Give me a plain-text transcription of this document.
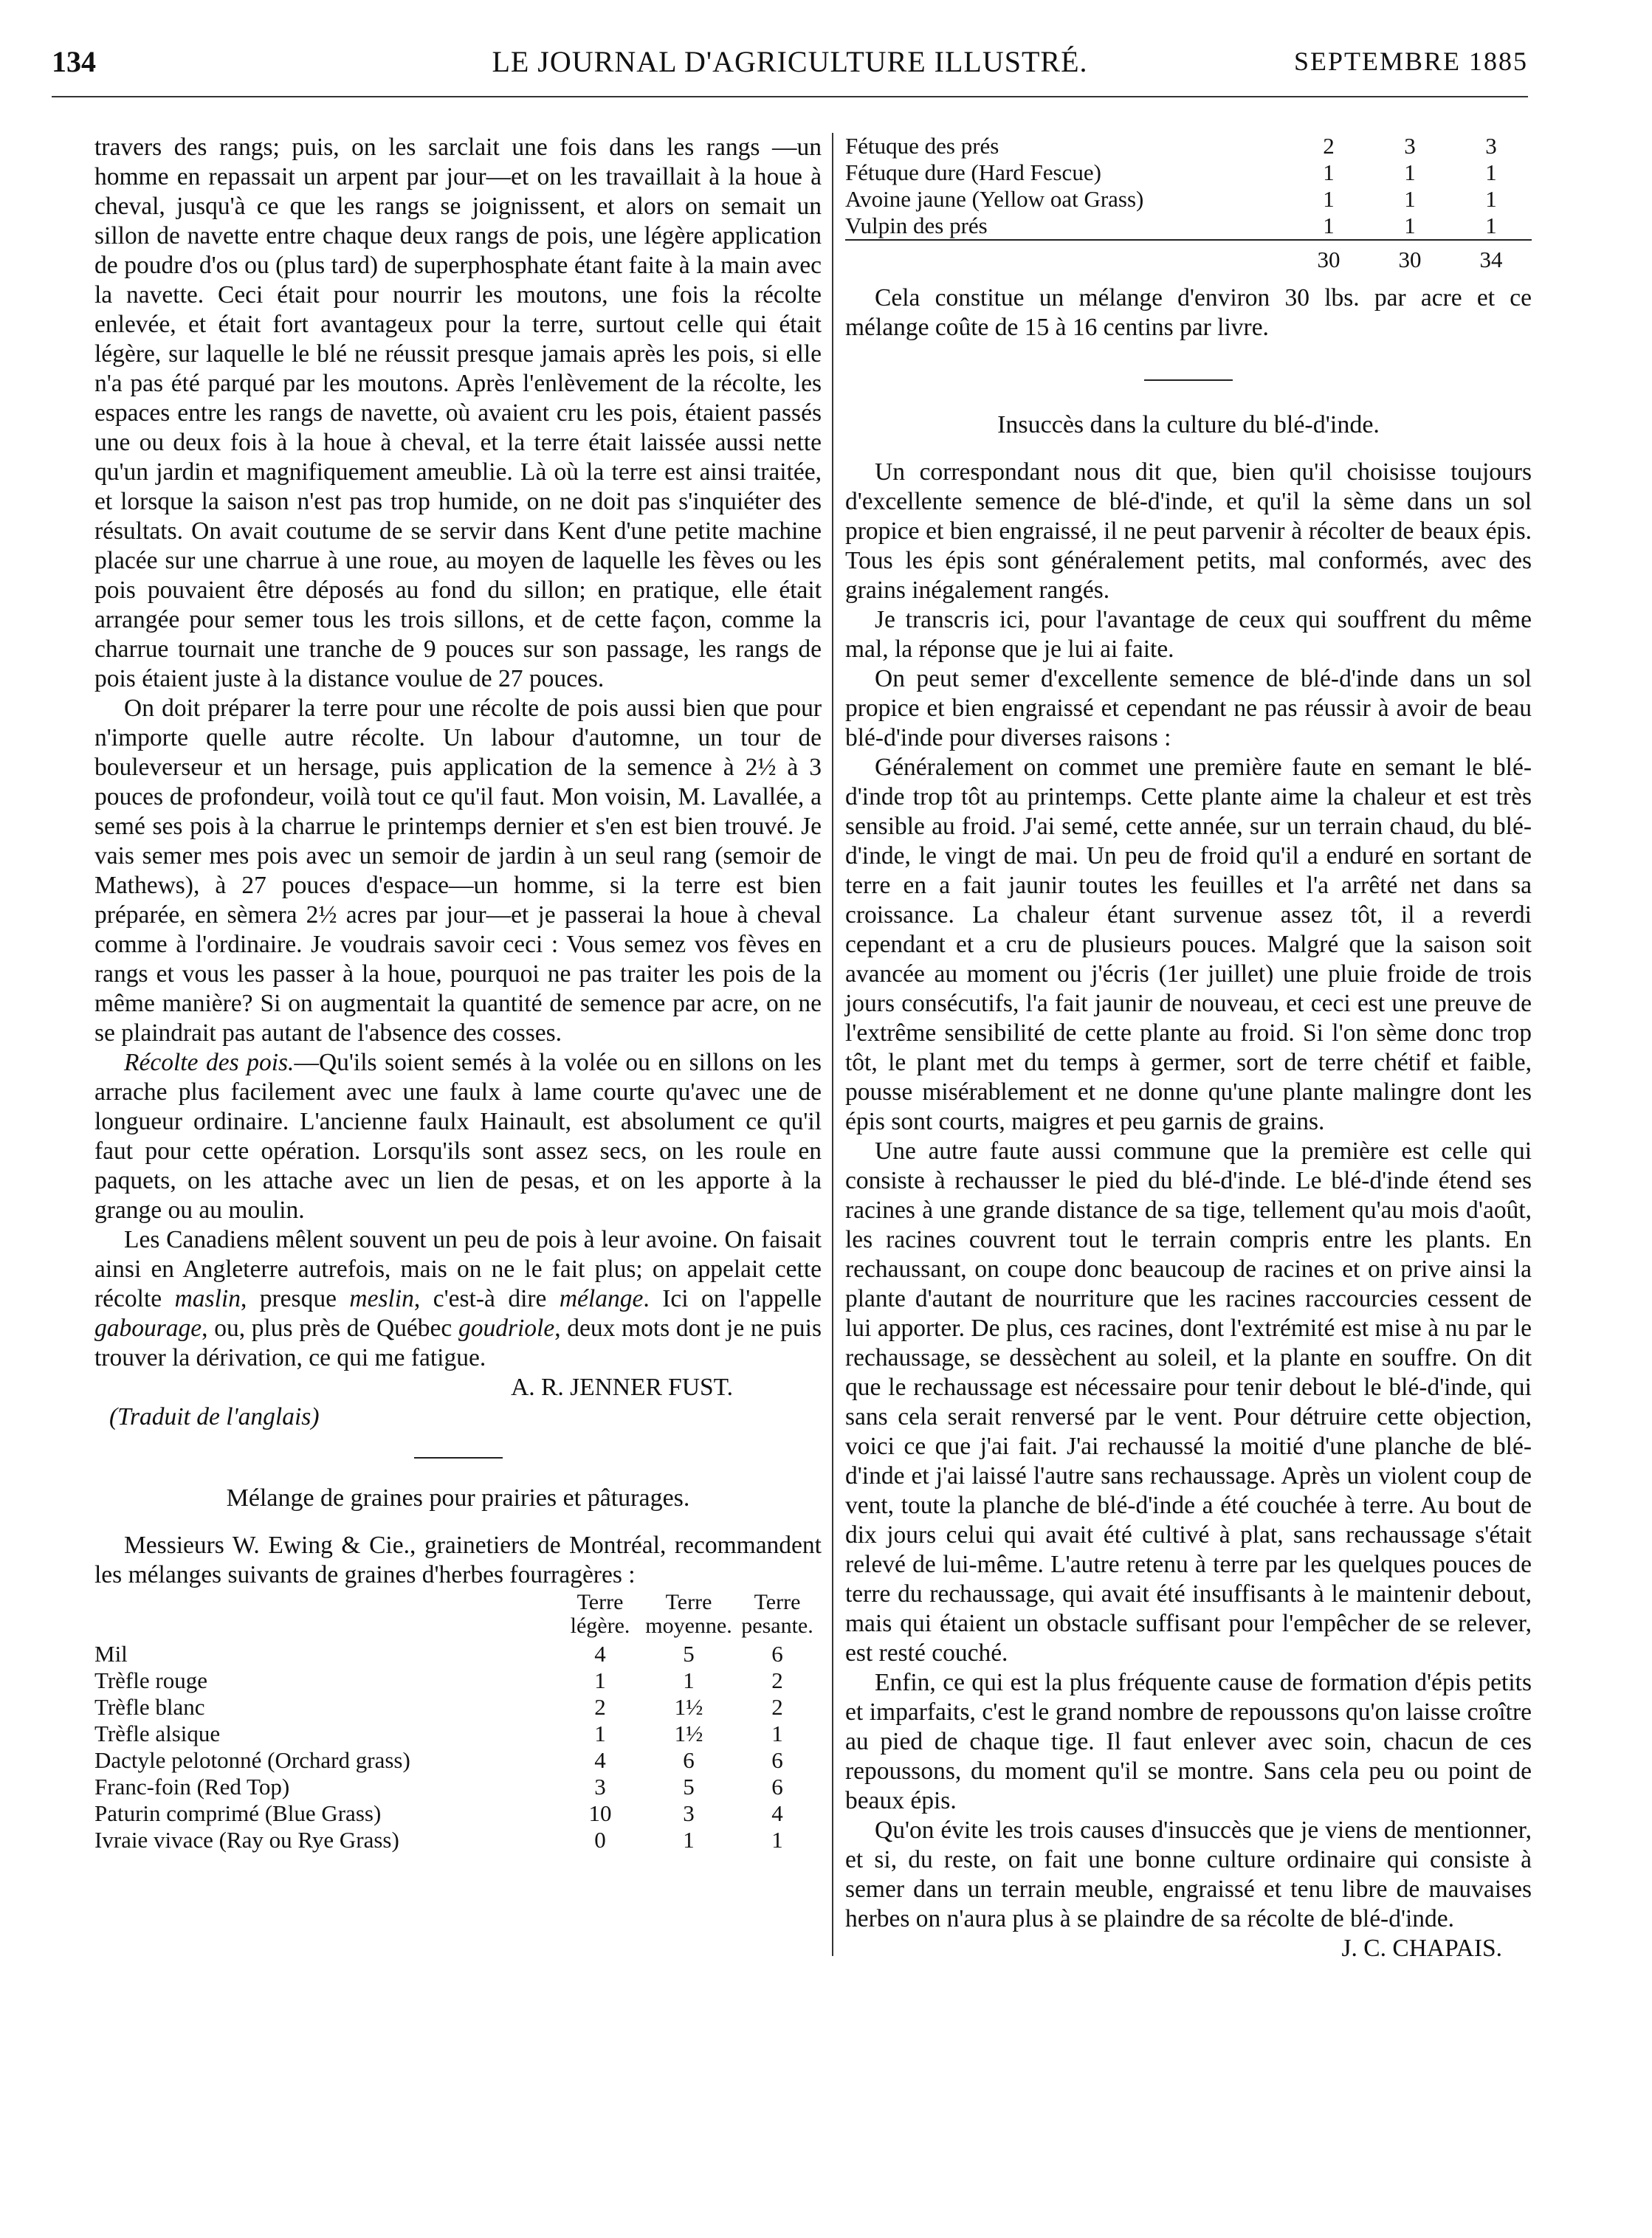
134	LE JOURNAL D'AGRICULTURE ILLUSTRÉ.	SEPTEMBRE 1885

travers des rangs; puis, on les sarclait une fois dans les rangs —un homme en repassait un arpent par jour—et on les travaillait à la houe à cheval, jusqu'à ce que les rangs se joignissent, et alors on semait un sillon de navette entre chaque deux rangs de pois, une légère application de poudre d'os ou (plus tard) de superphosphate étant faite à la main avec la navette. Ceci était pour nourrir les moutons, une fois la récolte enlevée, et était fort avantageux pour la terre, surtout celle qui était légère, sur laquelle le blé ne réussit presque jamais après les pois, si elle n'a pas été parqué par les moutons. Après l'enlèvement de la récolte, les espaces entre les rangs de navette, où avaient cru les pois, étaient passés une ou deux fois à la houe à cheval, et la terre était laissée aussi nette qu'un jardin et magnifiquement ameublie. Là où la terre est ainsi traitée, et lorsque la saison n'est pas trop humide, on ne doit pas s'inquiéter des résultats. On avait coutume de se servir dans Kent d'une petite machine placée sur une charrue à une roue, au moyen de laquelle les fèves ou les pois pouvaient être déposés au fond du sillon; en pratique, elle était arrangée pour semer tous les trois sillons, et de cette façon, comme la charrue tournait une tranche de 9 pouces sur son passage, les rangs de pois étaient juste à la distance voulue de 27 pouces.

On doit préparer la terre pour une récolte de pois aussi bien que pour n'importe quelle autre récolte. Un labour d'automne, un tour de bouleverseur et un hersage, puis application de la semence à 2½ à 3 pouces de profondeur, voilà tout ce qu'il faut. Mon voisin, M. Lavallée, a semé ses pois à la charrue le printemps dernier et s'en est bien trouvé. Je vais semer mes pois avec un semoir de jardin à un seul rang (semoir de Mathews), à 27 pouces d'espace—un homme, si la terre est bien préparée, en sèmera 2½ acres par jour—et je passerai la houe à cheval comme à l'ordinaire. Je voudrais savoir ceci : Vous semez vos fèves en rangs et vous les passer à la houe, pourquoi ne pas traiter les pois de la même manière? Si on augmentait la quantité de semence par acre, on ne se plaindrait pas autant de l'absence des cosses.

Récolte des pois.—Qu'ils soient semés à la volée ou en sillons on les arrache plus facilement avec une faulx à lame courte qu'avec une de longueur ordinaire. L'ancienne faulx Hainault, est absolument ce qu'il faut pour cette opération. Lorsqu'ils sont assez secs, on les roule en paquets, on les attache avec un lien de pesas, et on les apporte à la grange ou au moulin.

Les Canadiens mêlent souvent un peu de pois à leur avoine. On faisait ainsi en Angleterre autrefois, mais on ne le fait plus; on appelait cette récolte maslin, presque meslin, c'est-à dire mélange. Ici on l'appelle gabourage, ou, plus près de Québec goudriole, deux mots dont je ne puis trouver la dérivation, ce qui me fatigue.

A. R. JENNER FUST.

(Traduit de l'anglais)

Mélange de graines pour prairies et pâturages.

Messieurs W. Ewing & Cie., grainetiers de Montréal, recommandent les mélanges suivants de graines d'herbes fourragères :

	Terre légère.	Terre moyenne.	Terre pesante.
Mil	4	5	6
Trèfle rouge	1	1	2
Trèfle blanc	2	1½	2
Trèfle alsique	1	1½	1
Dactyle pelotonné (Orchard grass)	4	6	6
Franc-foin (Red Top)	3	5	6
Paturin comprimé (Blue Grass)	10	3	4
Ivraie vivace (Ray ou Rye Grass)	0	1	1
Fétuque des prés	2	3	3
Fétuque dure (Hard Fescue)	1	1	1
Avoine jaune (Yellow oat Grass)	1	1	1
Vulpin des prés	1	1	1
	30	30	34

Cela constitue un mélange d'environ 30 lbs. par acre et ce mélange coûte de 15 à 16 centins par livre.

Insuccès dans la culture du blé-d'inde.

Un correspondant nous dit que, bien qu'il choisisse toujours d'excellente semence de blé-d'inde, et qu'il la sème dans un sol propice et bien engraissé, il ne peut parvenir à récolter de beaux épis. Tous les épis sont généralement petits, mal conformés, avec des grains inégalement rangés.

Je transcris ici, pour l'avantage de ceux qui souffrent du même mal, la réponse que je lui ai faite.

On peut semer d'excellente semence de blé-d'inde dans un sol propice et bien engraissé et cependant ne pas réussir à avoir de beau blé-d'inde pour diverses raisons :

Généralement on commet une première faute en semant le blé-d'inde trop tôt au printemps. Cette plante aime la chaleur et est très sensible au froid. J'ai semé, cette année, sur un terrain chaud, du blé-d'inde, le vingt de mai. Un peu de froid qu'il a enduré en sortant de terre en a fait jaunir toutes les feuilles et l'a arrêté net dans sa croissance. La chaleur étant survenue assez tôt, il a reverdi cependant et a cru de plusieurs pouces. Malgré que la saison soit avancée au moment ou j'écris (1er juillet) une pluie froide de trois jours consécutifs, l'a fait jaunir de nouveau, et ceci est une preuve de l'extrême sensibilité de cette plante au froid. Si l'on sème donc trop tôt, le plant met du temps à germer, sort de terre chétif et faible, pousse misérablement et ne donne qu'une plante malingre dont les épis sont courts, maigres et peu garnis de grains.

Une autre faute aussi commune que la première est celle qui consiste à rechausser le pied du blé-d'inde. Le blé-d'inde étend ses racines à une grande distance de sa tige, tellement qu'au mois d'août, les racines couvrent tout le terrain compris entre les plants. En rechaussant, on coupe donc beaucoup de racines et on prive ainsi la plante d'autant de nourriture que les racines raccourcies cessent de lui apporter. De plus, ces racines, dont l'extrémité est mise à nu par le rechaussage, se dessèchent au soleil, et la plante en souffre. On dit que le rechaussage est nécessaire pour tenir debout le blé-d'inde, qui sans cela serait renversé par le vent. Pour détruire cette objection, voici ce que j'ai fait. J'ai rechaussé la moitié d'une planche de blé-d'inde et j'ai laissé l'autre sans rechaussage. Après un violent coup de vent, toute la planche de blé-d'inde a été couchée à terre. Au bout de dix jours celui qui avait été cultivé à plat, sans rechaussage s'était relevé de lui-même. L'autre retenu à terre par les quelques pouces de terre du rechaussage, qui avait été insuffisants à le maintenir debout, mais qui étaient un obstacle suffisant pour l'empêcher de se relever, est resté couché.

Enfin, ce qui est la plus fréquente cause de formation d'épis petits et imparfaits, c'est le grand nombre de repoussons qu'on laisse croître au pied de chaque tige. Il faut enlever avec soin, chacun de ces repoussons, du moment qu'il se montre. Sans cela peu ou point de beaux épis.

Qu'on évite les trois causes d'insuccès que je viens de mentionner, et si, du reste, on fait une bonne culture ordinaire qui consiste à semer dans un terrain meuble, engraissé et tenu libre de mauvaises herbes on n'aura plus à se plaindre de sa récolte de blé-d'inde.

J. C. CHAPAIS.
